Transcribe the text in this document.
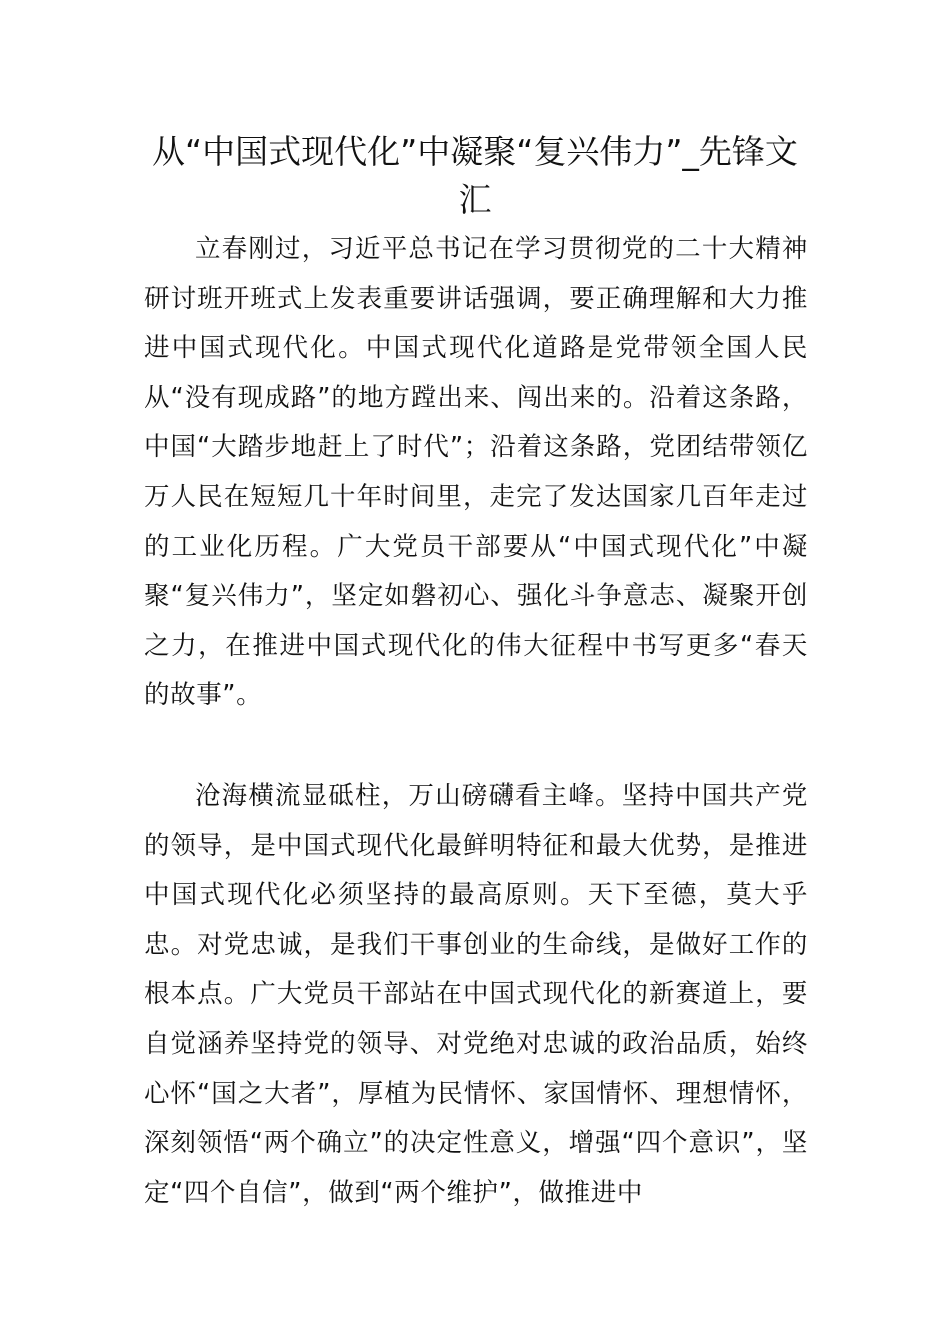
从“中国式现代化”中凝聚“复兴伟力”_先锋文汇

立春刚过，习近平总书记在学习贯彻党的二十大精神研讨班开班式上发表重要讲话强调，要正确理解和大力推进中国式现代化。中国式现代化道路是党带领全国人民从“没有现成路”的地方蹚出来、闯出来的。沿着这条路，中国“大踏步地赶上了时代”；沿着这条路，党团结带领亿万人民在短短几十年时间里，走完了发达国家几百年走过的工业化历程。广大党员干部要从“中国式现代化”中凝聚“复兴伟力”，坚定如磐初心、强化斗争意志、凝聚开创之力，在推进中国式现代化的伟大征程中书写更多“春天的故事”。

沧海横流显砥柱，万山磅礴看主峰。坚持中国共产党的领导，是中国式现代化最鲜明特征和最大优势，是推进中国式现代化必须坚持的最高原则。天下至德，莫大乎忠。对党忠诚，是我们干事创业的生命线，是做好工作的根本点。广大党员干部站在中国式现代化的新赛道上，要自觉涵养坚持党的领导、对党绝对忠诚的政治品质，始终心怀“国之大者”，厚植为民情怀、家国情怀、理想情怀，深刻领悟“两个确立”的决定性意义，增强“四个意识”，坚定“四个自信”，做到“两个维护”，做推进中
